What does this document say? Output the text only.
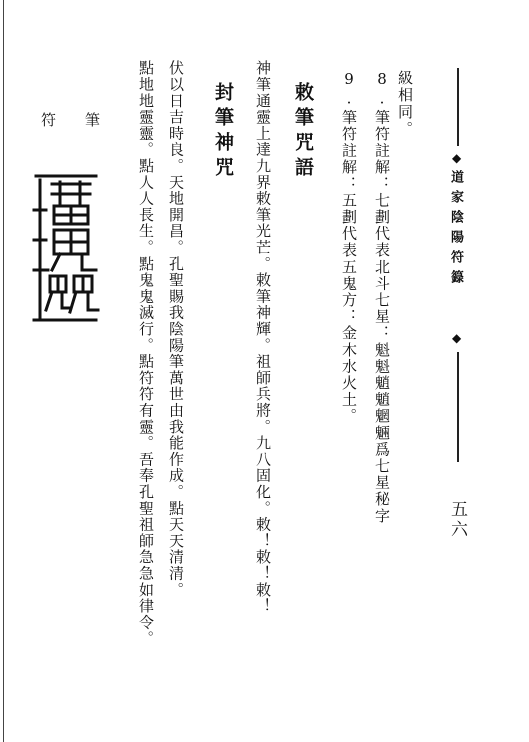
◆
道家陰陽符籙
◆
五六
級相同。
8.筆符註解：七劃代表北斗七星：魁魁魈魈魍魎爲七星秘字
9.筆符註解：五劃代表五鬼方：金木水火土。
敕筆咒語
神筆通靈上達九界敕筆光芒。敕筆神輝。祖師兵將。九八固化。敕！敕！敕！
封筆神咒
伏以日吉時良。天地開昌。孔聖賜我陰陽筆萬世由我能作成。點天天清清。
點地地靈靈。點人人長生。點鬼鬼滅行。點符符有靈。吾奉孔聖祖師急急如律令。
筆
符
